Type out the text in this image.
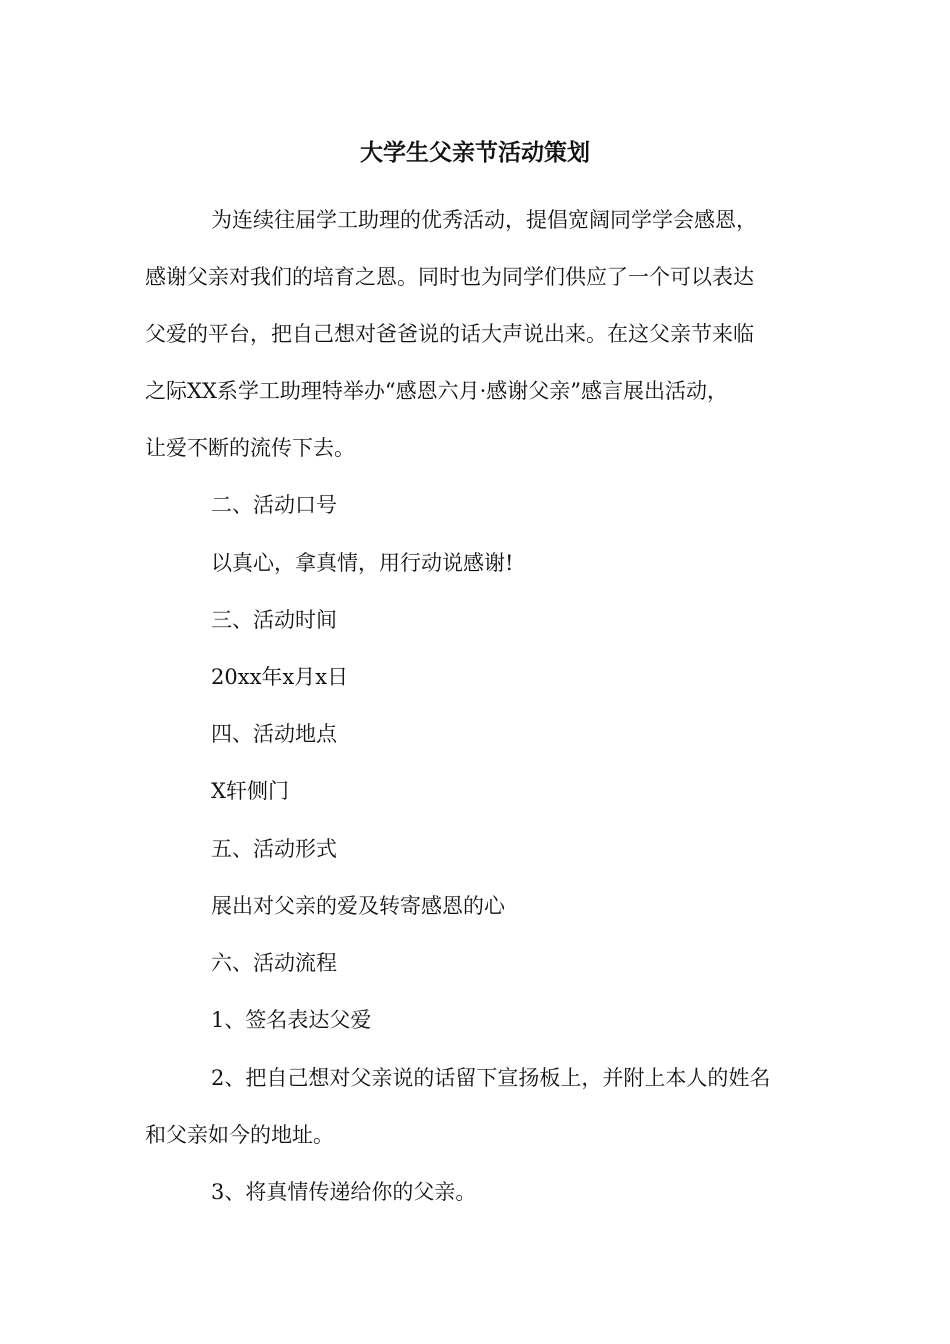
大学生父亲节活动策划

为连续往届学工助理的优秀活动，提倡宽阔同学学会感恩，

感谢父亲对我们的培育之恩。同时也为同学们供应了一个可以表达

父爱的平台，把自己想对爸爸说的话大声说出来。在这父亲节来临

之际XX系学工助理特举办“感恩六月·感谢父亲”感言展出活动，

让爱不断的流传下去。

二、活动口号

以真心，拿真情，用行动说感谢!

三、活动时间

20xx年x月x日

四、活动地点

X轩侧门

五、活动形式

展出对父亲的爱及转寄感恩的心

六、活动流程

1、签名表达父爱

2、把自己想对父亲说的话留下宣扬板上，并附上本人的姓名

和父亲如今的地址。

3、将真情传递给你的父亲。
